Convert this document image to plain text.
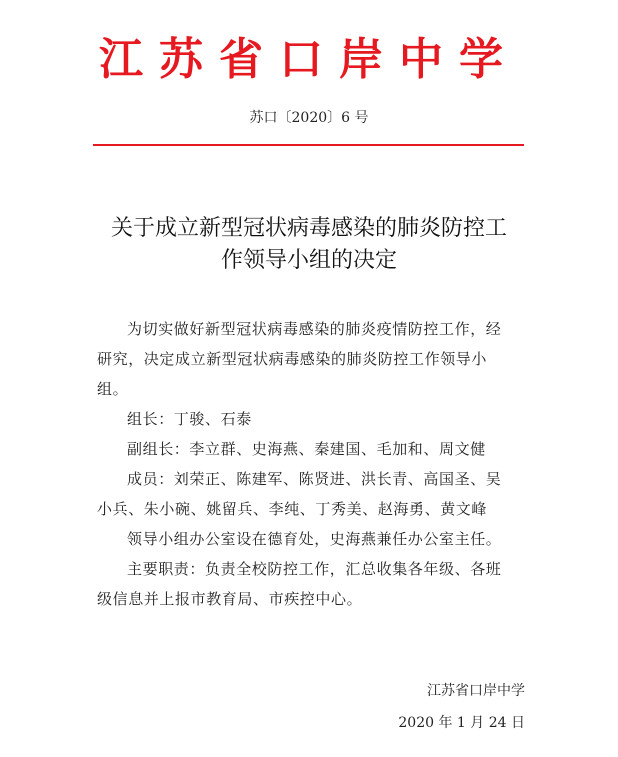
江苏省口岸中学
苏口〔2020〕6 号
关于成立新型冠状病毒感染的肺炎防控工
作领导小组的决定
为切实做好新型冠状病毒感染的肺炎疫情防控工作，经
研究，决定成立新型冠状病毒感染的肺炎防控工作领导小
组。
组长：丁骏、石泰
副组长：李立群、史海燕、秦建国、毛加和、周文健
成员：刘荣正、陈建军、陈贤进、洪长青、高国圣、吴
小兵、朱小碗、姚留兵、李纯、丁秀美、赵海勇、黄文峰
领导小组办公室设在德育处，史海燕兼任办公室主任。
主要职责：负责全校防控工作，汇总收集各年级、各班
级信息并上报市教育局、市疾控中心。
江苏省口岸中学
2020 年 1 月 24 日
